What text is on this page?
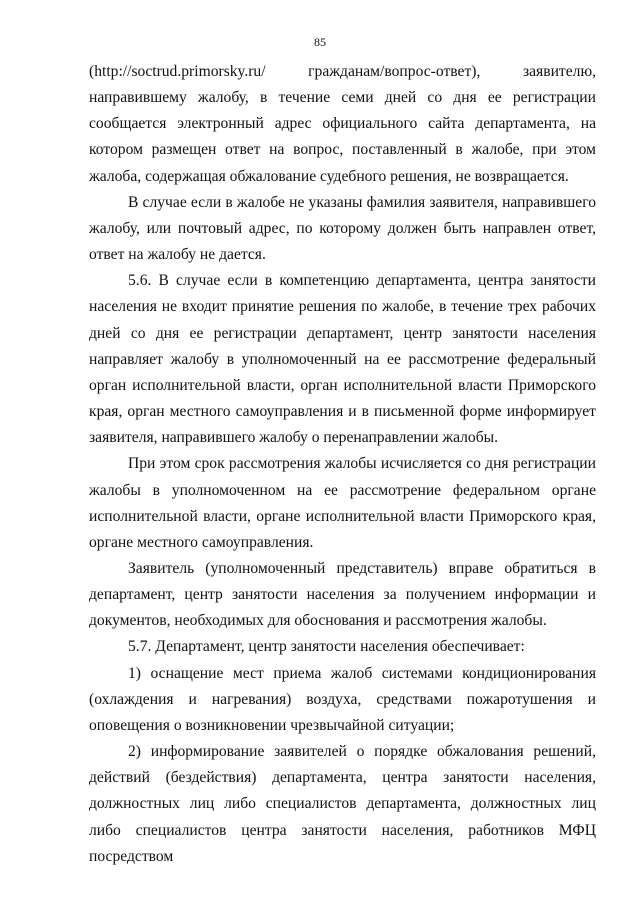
85

(http://soctrud.primorsky.ru/ гражданам/вопрос-ответ), заявителю, направившему жалобу, в течение семи дней со дня ее регистрации сообщается электронный адрес официального сайта департамента, на котором размещен ответ на вопрос, поставленный в жалобе, при этом жалоба, содержащая обжалование судебного решения, не возвращается.

В случае если в жалобе не указаны фамилия заявителя, направившего жалобу, или почтовый адрес, по которому должен быть направлен ответ, ответ на жалобу не дается.

5.6. В случае если в компетенцию департамента, центра занятости населения не входит принятие решения по жалобе, в течение трех рабочих дней со дня ее регистрации департамент, центр занятости населения направляет жалобу в уполномоченный на ее рассмотрение федеральный орган исполнительной власти, орган исполнительной власти Приморского края, орган местного самоуправления и в письменной форме информирует заявителя, направившего жалобу о перенаправлении жалобы.

При этом срок рассмотрения жалобы исчисляется со дня регистрации жалобы в уполномоченном на ее рассмотрение федеральном органе исполнительной власти, органе исполнительной власти Приморского края, органе местного самоуправления.

Заявитель (уполномоченный представитель) вправе обратиться в департамент, центр занятости населения за получением информации и документов, необходимых для обоснования и рассмотрения жалобы.

5.7. Департамент, центр занятости населения обеспечивает:

1) оснащение мест приема жалоб системами кондиционирования (охлаждения и нагревания) воздуха, средствами пожаротушения и оповещения о возникновении чрезвычайной ситуации;

2) информирование заявителей о порядке обжалования решений, действий (бездействия) департамента, центра занятости населения, должностных лиц либо специалистов департамента, должностных лиц либо специалистов центра занятости населения, работников МФЦ посредством
